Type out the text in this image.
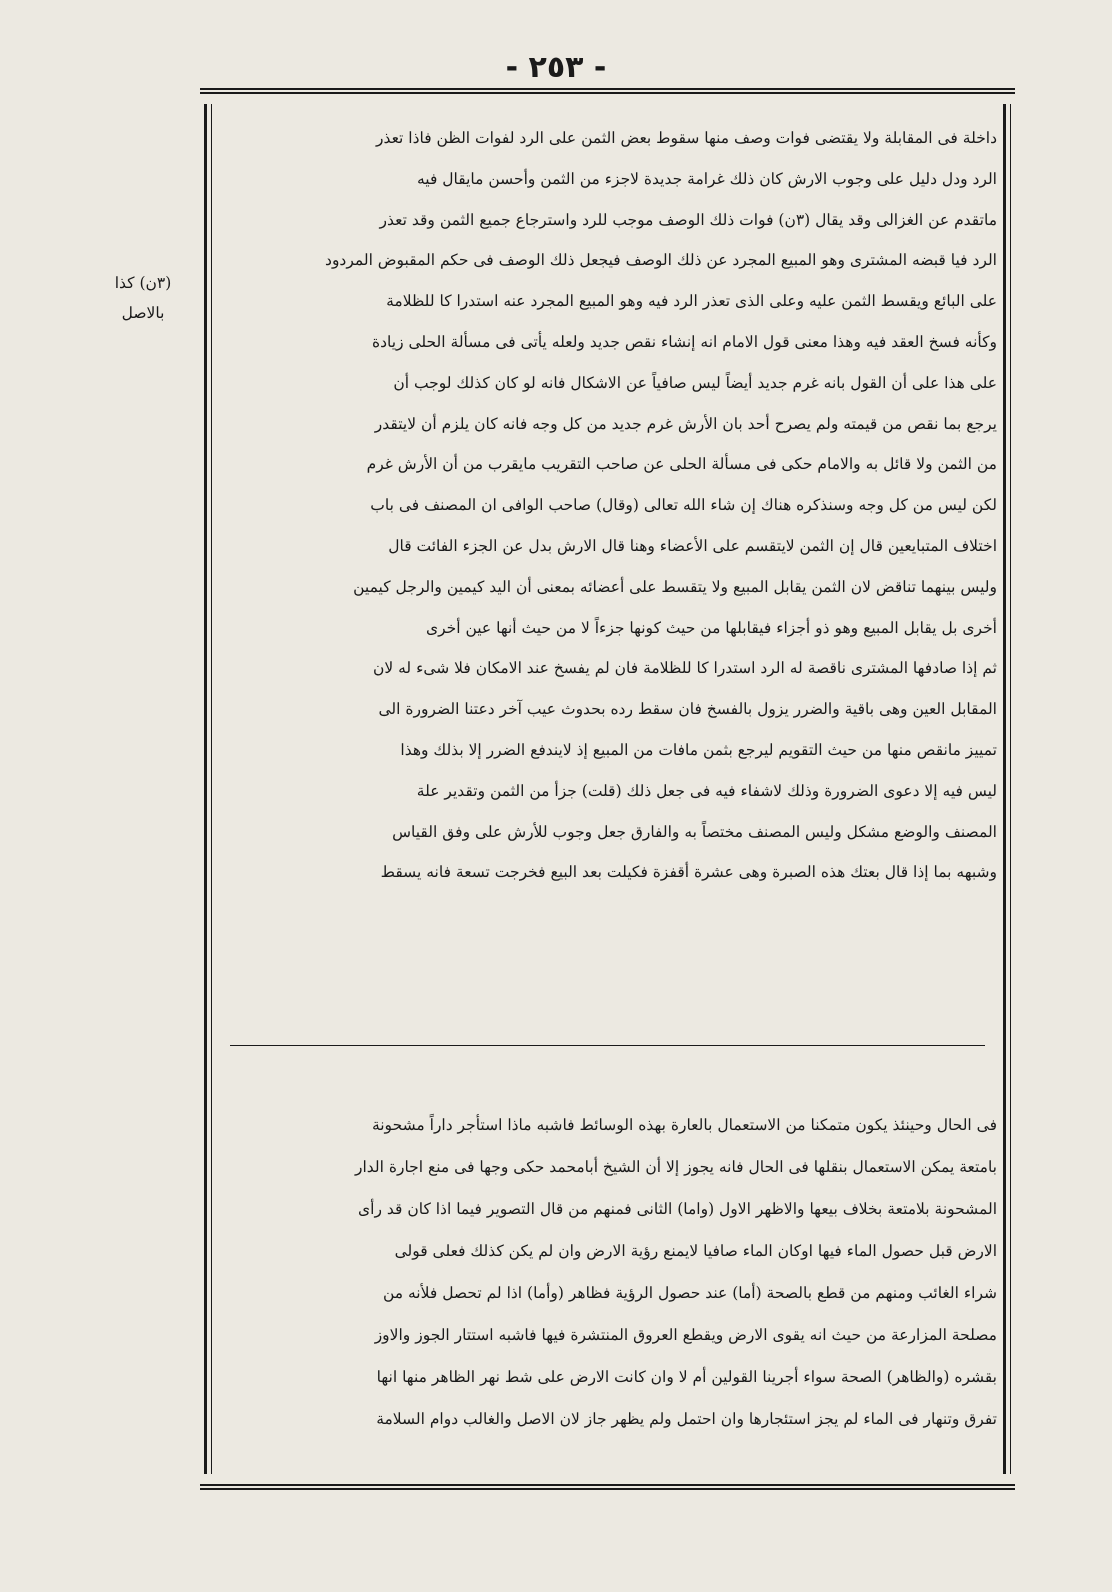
- ٢٥٣ -
(٣ن) كذا
بالاصل
داخلة فى المقابلة ولا يقتضى فوات وصف منها سقوط بعض الثمن على الرد لفوات الظن فاذا تعذر
الرد ودل دليل على وجوب الارش كان ذلك غرامة جديدة لاجزء من الثمن وأحسن مايقال فيه
ماتقدم عن الغزالى وقد يقال (٣ن) فوات ذلك الوصف موجب للرد واسترجاع جميع الثمن وقد تعذر
الرد فيا قبضه المشترى وهو المبيع المجرد عن ذلك الوصف فيجعل ذلك الوصف فى حكم المقبوض المردود
على البائع ويقسط الثمن عليه وعلى الذى تعذر الرد فيه وهو المبيع المجرد عنه استدرا كا للظلامة
وكأنه فسخ العقد فيه وهذا معنى قول الامام انه إنشاء نقص جديد ولعله يأتى فى مسألة الحلى زيادة
على هذا على أن القول بانه غرم جديد أيضاً ليس صافياً عن الاشكال فانه لو كان كذلك لوجب أن
يرجع بما نقص من قيمته ولم يصرح أحد بان الأرش غرم جديد من كل وجه فانه كان يلزم أن لايتقدر
من الثمن ولا قائل به والامام حكى فى مسألة الحلى عن صاحب التقريب مايقرب من أن الأرش غرم
لكن ليس من كل وجه وسنذكره هناك إن شاء الله تعالى (وقال) صاحب الوافى ان المصنف فى باب
اختلاف المتبايعين قال إن الثمن لايتقسم على الأعضاء وهنا قال الارش بدل عن الجزء الفائت قال
وليس بينهما تناقض لان الثمن يقابل المبيع ولا يتقسط على أعضائه بمعنى أن اليد كيمين والرجل كيمين
أخرى بل يقابل المبيع وهو ذو أجزاء فيقابلها من حيث كونها جزءاً لا من حيث أنها عين أخرى
ثم إذا صادفها المشترى ناقصة له الرد استدرا كا للظلامة فان لم يفسخ عند الامكان فلا شىء له لان
المقابل العين وهى باقية والضرر يزول بالفسخ فان سقط رده بحدوث عيب آخر دعتنا الضرورة الى
تمييز مانقص منها من حيث التقويم ليرجع بثمن مافات من المبيع إذ لايندفع الضرر إلا بذلك وهذا
ليس فيه إلا دعوى الضرورة وذلك لاشفاء فيه فى جعل ذلك (قلت) جزأ من الثمن وتقدير علة
المصنف والوضع مشكل وليس المصنف مختصاً به والفارق جعل وجوب للأرش على وفق القياس
وشبهه بما إذا قال بعتك هذه الصبرة وهى عشرة أقفزة فكيلت بعد البيع فخرجت تسعة فانه يسقط
فى الحال وحينئذ يكون متمكنا من الاستعمال بالعارة بهذه الوسائط فاشبه ماذا استأجر داراً مشحونة
بامتعة يمكن الاستعمال بنقلها فى الحال فانه يجوز إلا أن الشيخ أبامحمد حكى وجها فى منع اجارة الدار
المشحونة بلامتعة بخلاف بيعها والاظهر الاول (واما) الثانى فمنهم من قال التصوير فيما اذا كان قد رأى
الارض قبل حصول الماء فيها اوكان الماء صافيا لايمنع رؤية الارض وان لم يكن كذلك فعلى قولى
شراء الغائب ومنهم من قطع بالصحة (أما) عند حصول الرؤية فظاهر (وأما) اذا لم تحصل فلأنه من
مصلحة المزارعة من حيث انه يقوى الارض ويقطع العروق المنتشرة فيها فاشبه استتار الجوز والاوز
بقشره (والظاهر) الصحة سواء أجرينا القولين أم لا وان كانت الارض على شط نهر الظاهر منها انها
تفرق وتنهار فى الماء لم يجز استئجارها وان احتمل ولم يظهر جاز لان الاصل والغالب دوام السلامة
